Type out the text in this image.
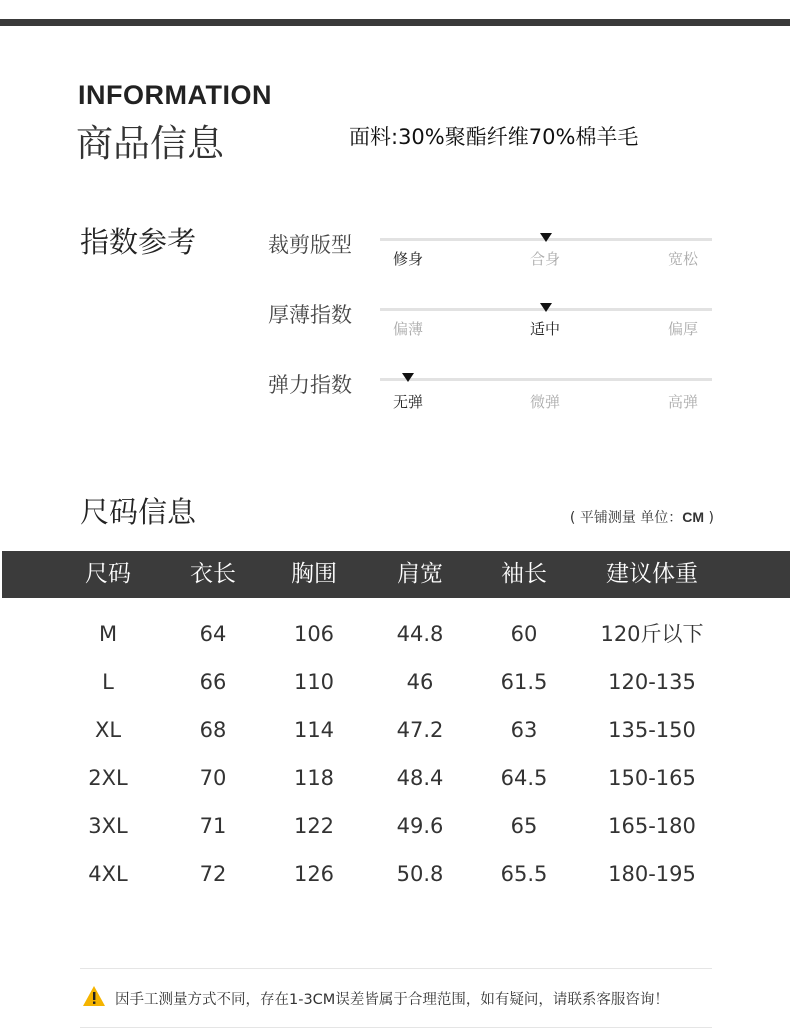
INFORMATION
商品信息	面料:30%聚酯纤维70%棉羊毛
指数参考	裁剪版型
修身	合身	宽松
厚薄指数
偏薄	适中	偏厚
弹力指数
无弹	微弹	高弹
尺码信息	( 平铺测量 单位：CM )
尺码	衣长	胸围	肩宽	袖长	建议体重
M	64	106	44.8	60	120斤以下
L	66	110	46	61.5	120-135
XL	68	114	47.2	63	135-150
2XL	70	118	48.4	64.5	150-165
3XL	71	122	49.6	65	165-180
4XL	72	126	50.8	65.5	180-195
因手工测量方式不同，存在1-3CM误差皆属于合理范围，如有疑问，请联系客服咨询！
